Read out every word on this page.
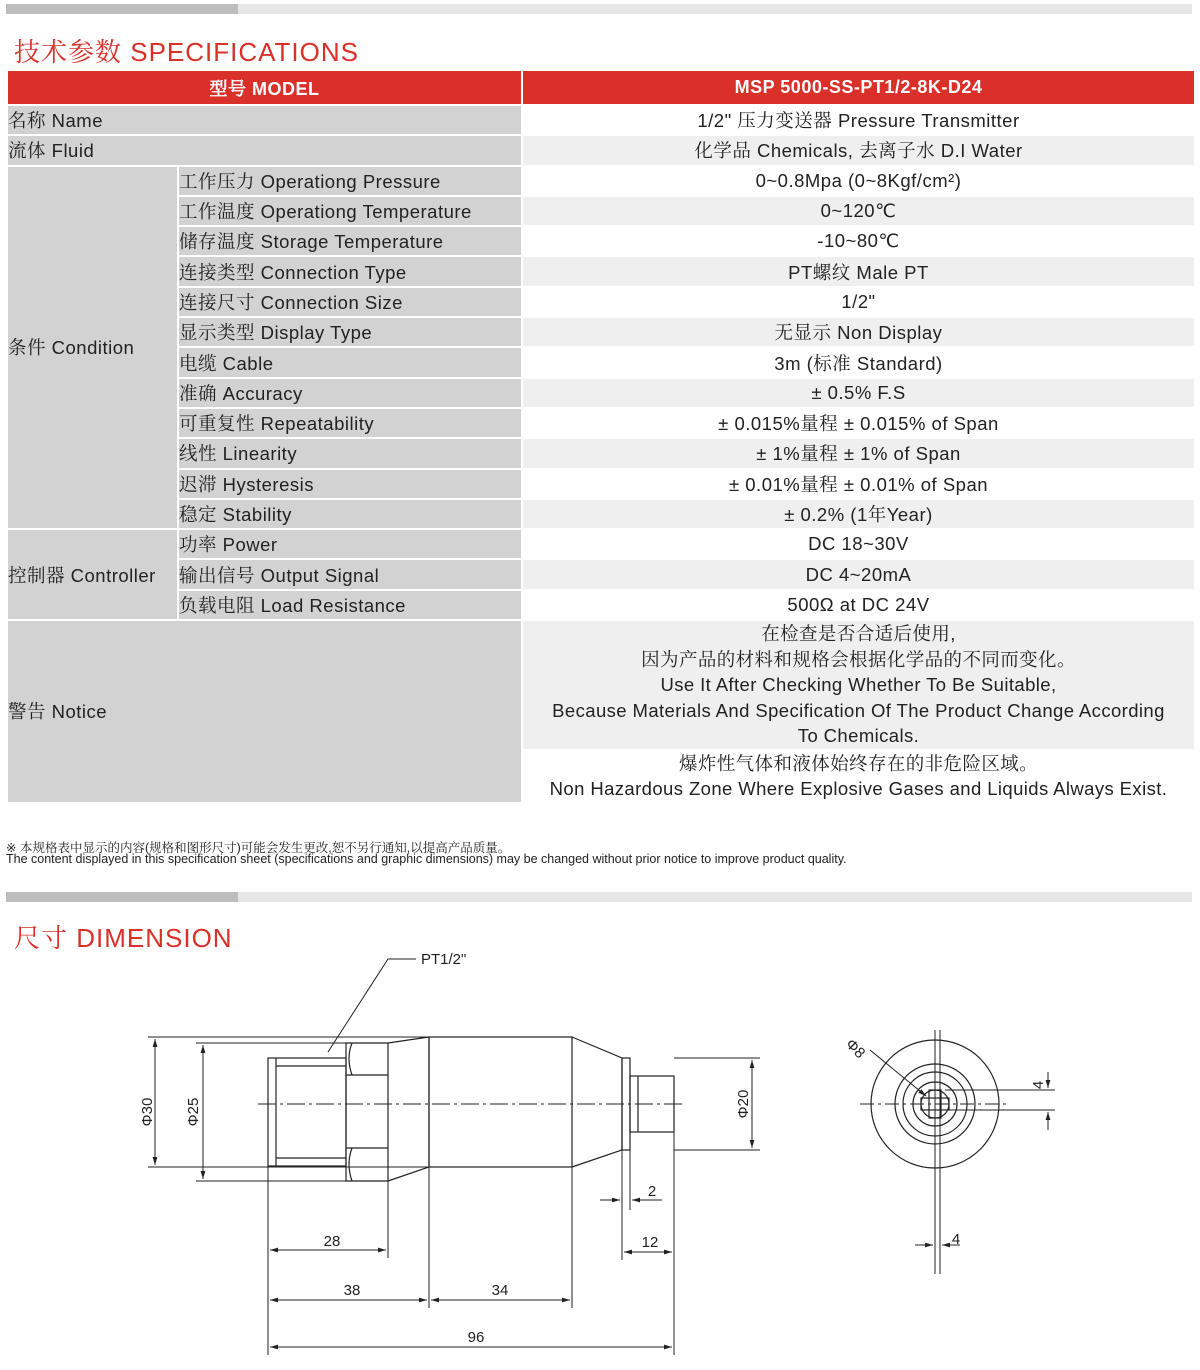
技术参数 SPECIFICATIONS
型号 MODEL		MSP 5000-SS-PT1/2-8K-D24
名称 Name		1/2" 压力变送器 Pressure Transmitter
流体 Fluid		化学品 Chemicals, 去离子水 D.I Water
条件 Condition	工作压力 Operationg Pressure	0~0.8Mpa (0~8Kgf/cm²)
	工作温度 Operationg Temperature	0~120℃
	储存温度 Storage Temperature	-10~80℃
	连接类型 Connection Type	PT螺纹 Male PT
	连接尺寸 Connection Size	1/2"
	显示类型 Display Type	无显示 Non Display
	电缆 Cable	3m (标准 Standard)
	准确 Accuracy	± 0.5% F.S
	可重复性 Repeatability	± 0.015%量程 ± 0.015% of Span
	线性 Linearity	± 1%量程 ± 1% of Span
	迟滞 Hysteresis	± 0.01%量程 ± 0.01% of Span
	稳定 Stability	± 0.2% (1年Year)
控制器 Controller	功率 Power	DC 18~30V
	输出信号 Output Signal	DC 4~20mA
	负载电阻 Load Resistance	500Ω at DC 24V
警告 Notice		在检查是否合适后使用,
因为产品的材料和规格会根据化学品的不同而变化。
Use It After Checking Whether To Be Suitable,
Because Materials And Specification Of The Product Change According
To Chemicals.

		爆炸性气体和液体始终存在的非危险区域。
Non Hazardous Zone Where Explosive Gases and Liquids Always Exist.
※ 本规格表中显示的内容(规格和图形尺寸)可能会发生更改,恕不另行通知,以提高产品质量。
The content displayed in this specification sheet (specifications and graphic dimensions) may be changed without prior notice to improve product quality.
尺寸 DIMENSION
PT1/2"
Φ30 Φ25	Φ20
Φ8
28
38	34
96
2
12
4
4
